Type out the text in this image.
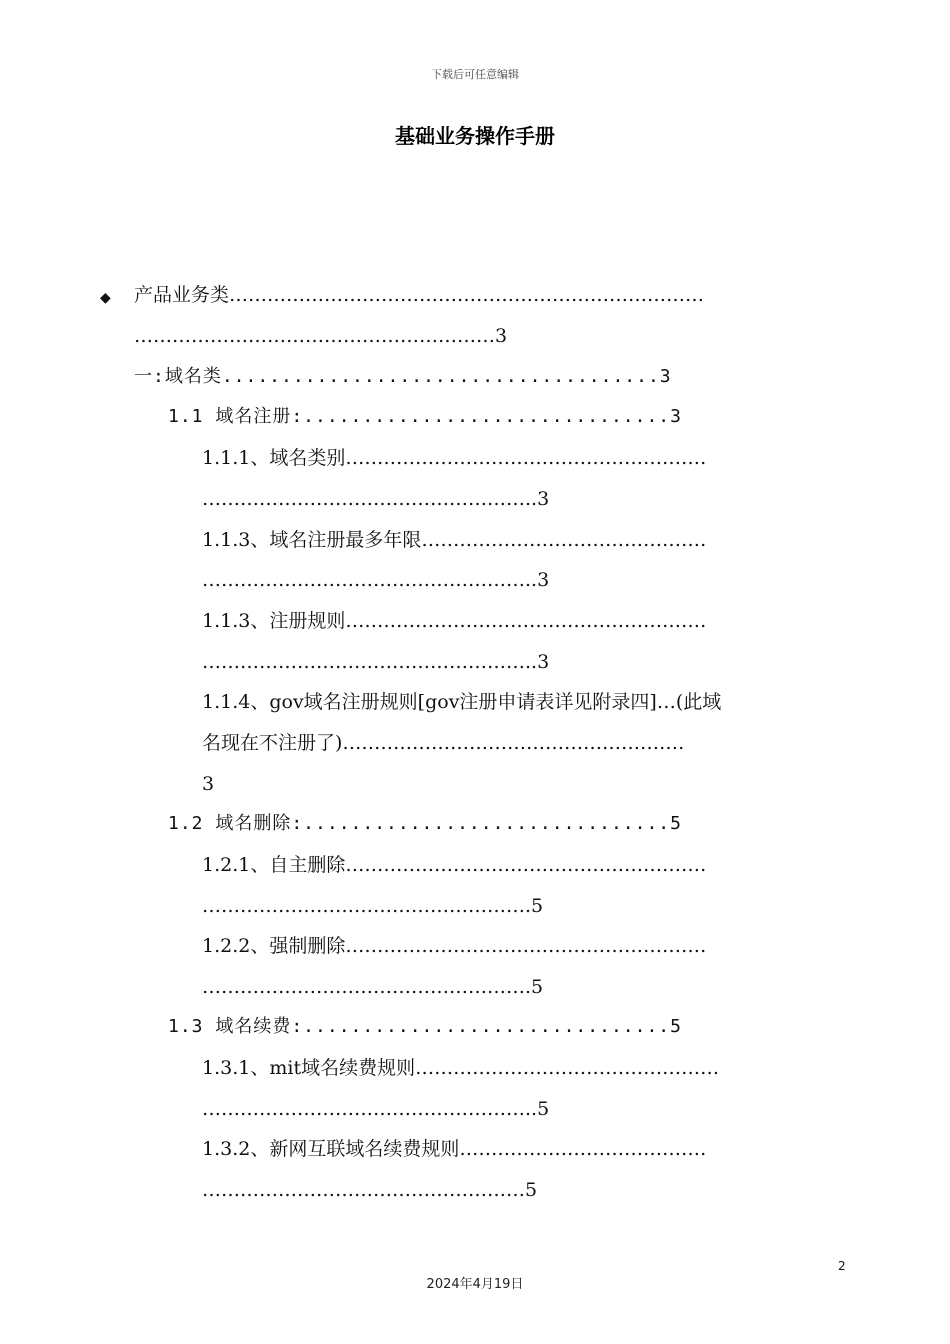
下载后可任意编辑
基础业务操作手册
◆ 产品业务类…………………………………………………………………
…………………………………………………3
一:域名类.....................................3
1.1 域名注册:...............................3
1.1.1、域名类别…………………………………………………
……………………………………………..3
1.1.3、域名注册最多年限………………………………………
……………………………………………..3
1.1.3、注册规则…………………………………………………
……………………………………………..3
1.1.4、gov域名注册规则[gov注册申请表详见附录四]…(此域
名现在不注册了)………………………………………………
3
1.2 域名删除:...............................5
1.2.1、自主删除…………………………………………………
…………………………………………….5
1.2.2、强制删除…………………………………………………
…………………………………………….5
1.3 域名续费:...............................5
1.3.1、mit域名续费规则…………………………………………
……………………………………………..5
1.3.2、新网互联域名续费规则…………………………………
……………………………………………5
2
2024年4月19日
